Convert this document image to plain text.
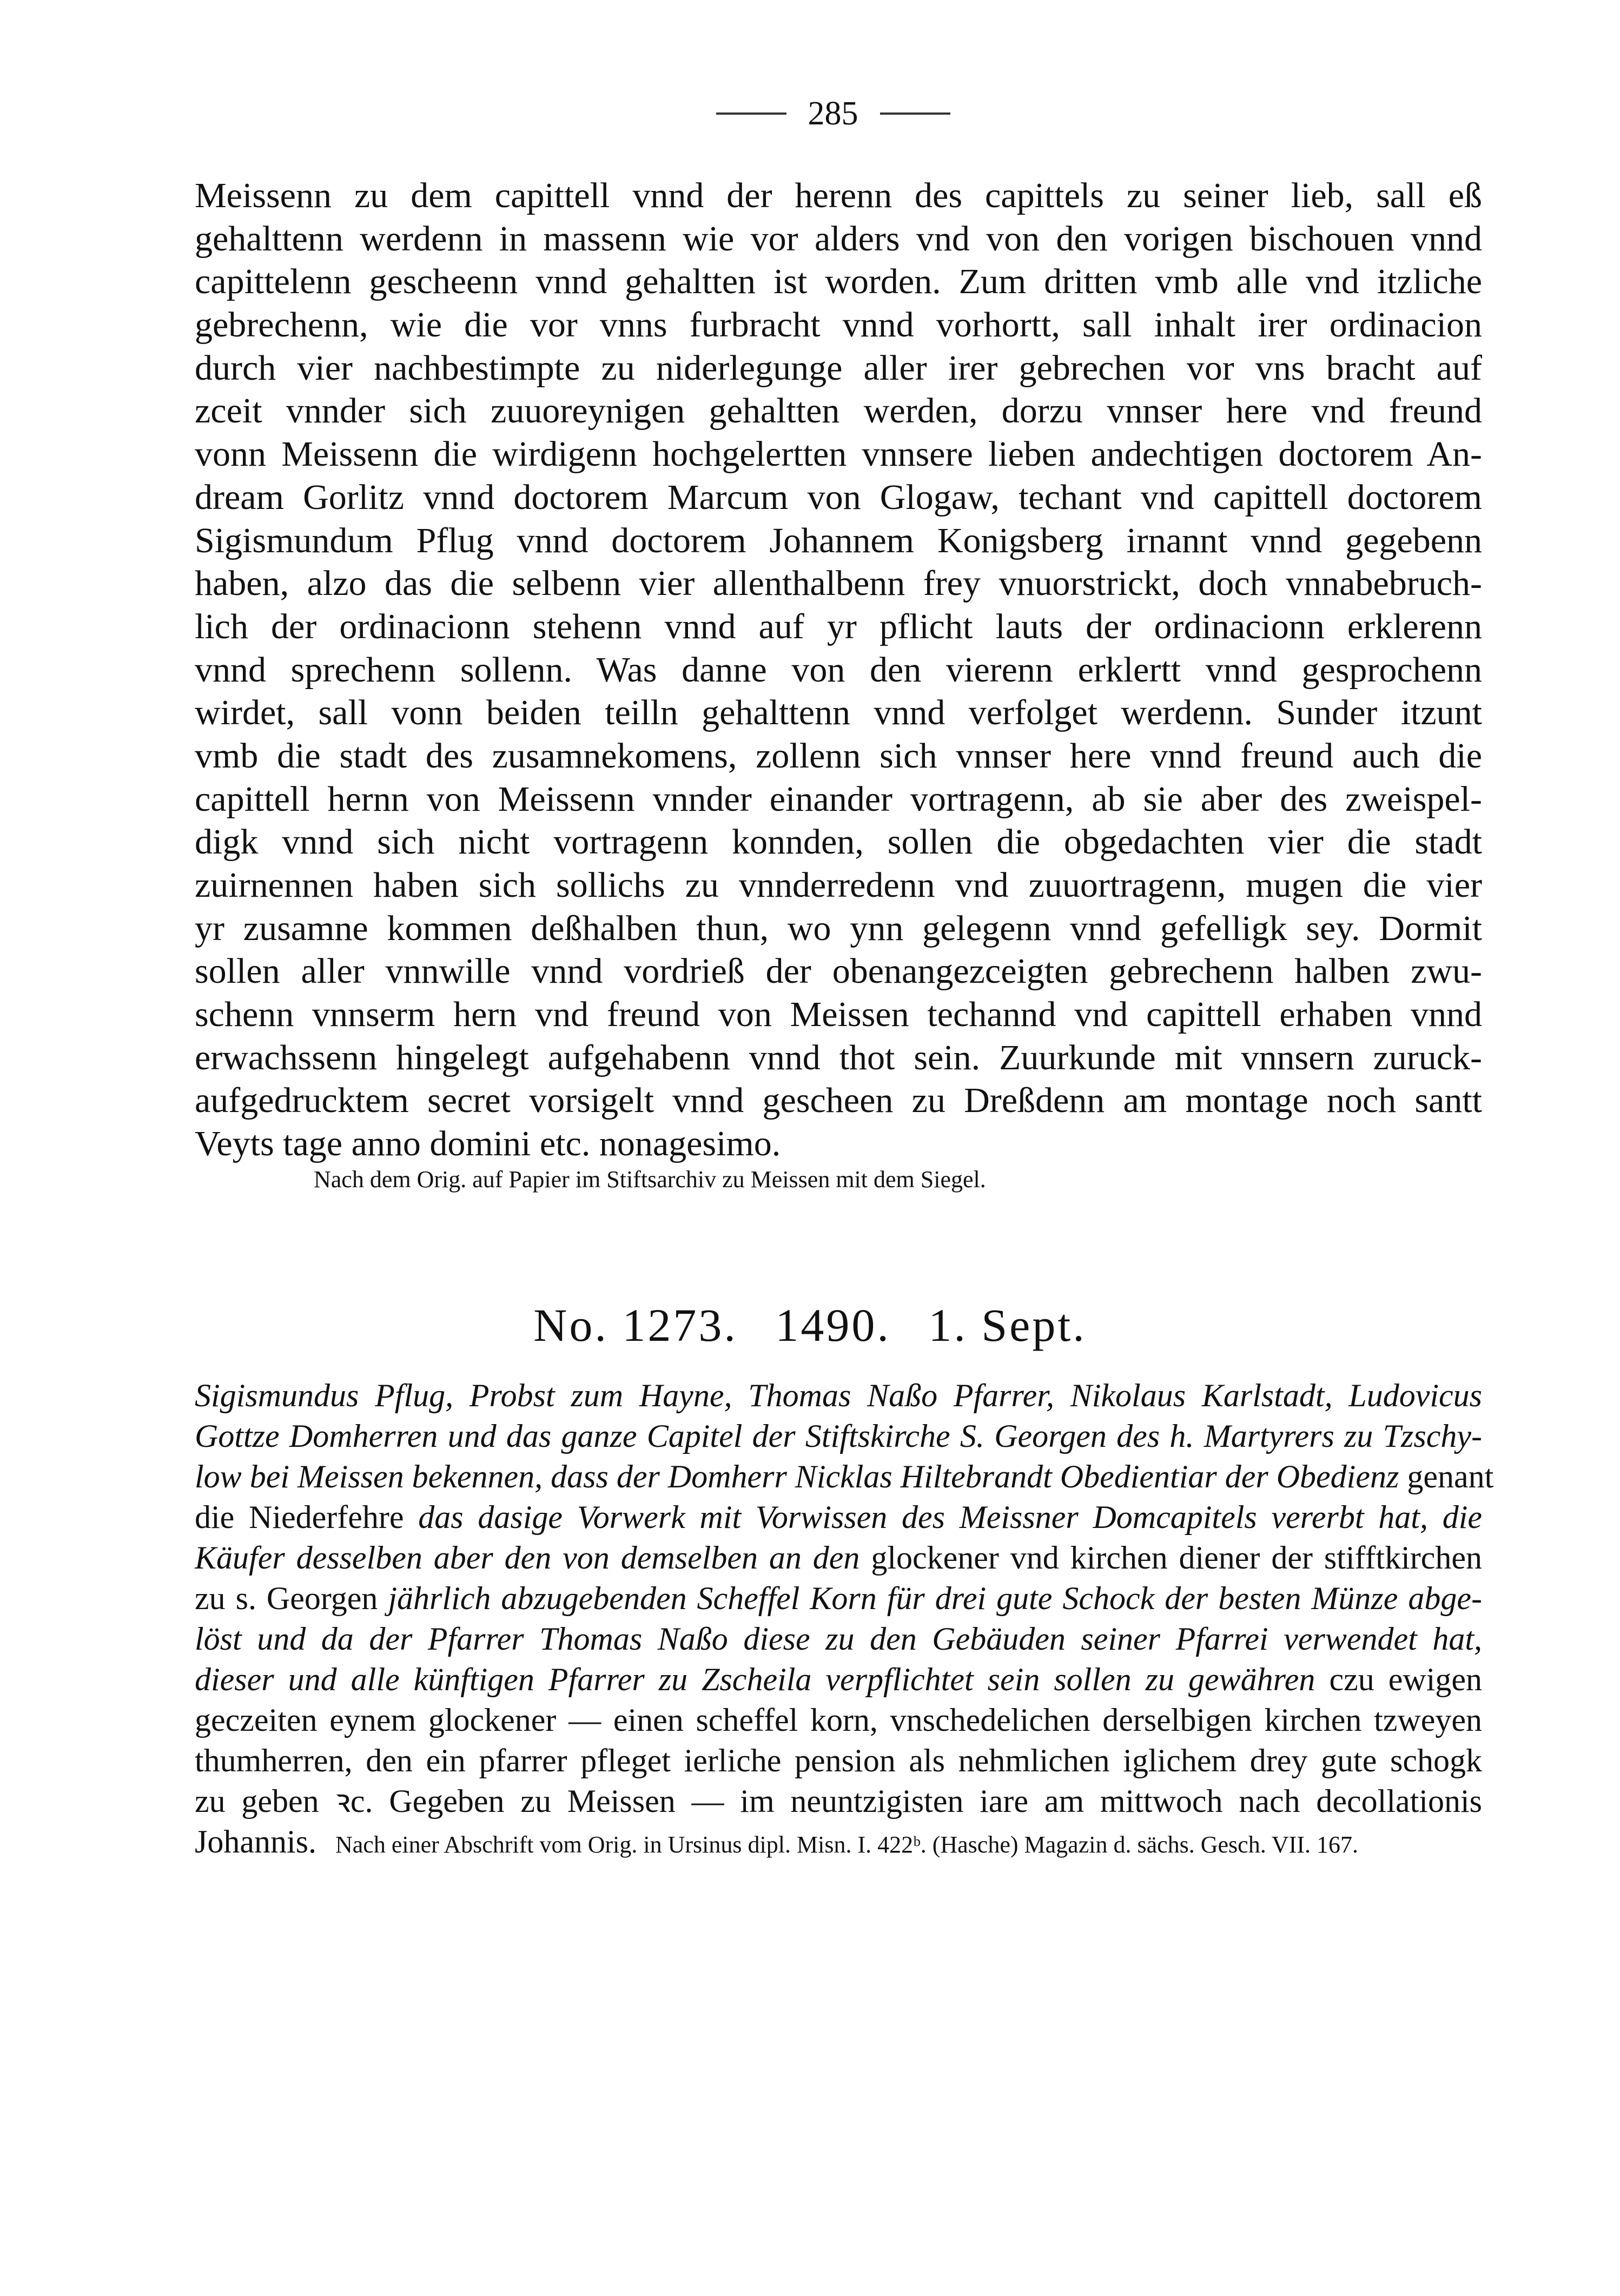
285
Meissenn zu dem capittell vnnd der herenn des capittels zu seiner lieb, sall eß
gehalttenn werdenn in massenn wie vor alders vnd von den vorigen bischouen vnnd
capittelenn gescheenn vnnd gehaltten ist worden. Zum dritten vmb alle vnd itzliche
gebrechenn, wie die vor vnns furbracht vnnd vorhortt, sall inhalt irer ordinacion
durch vier nachbestimpte zu niderlegunge aller irer gebrechen vor vns bracht auf
zceit vnnder sich zuuoreynigen gehaltten werden, dorzu vnnser here vnd freund
vonn Meissenn die wirdigenn hochgelertten vnnsere lieben andechtigen doctorem An-
dream Gorlitz vnnd doctorem Marcum von Glogaw, techant vnd capittell doctorem
Sigismundum Pflug vnnd doctorem Johannem Konigsberg irnannt vnnd gegebenn
haben, alzo das die selbenn vier allenthalbenn frey vnuorstrickt, doch vnnabebruch-
lich der ordinacionn stehenn vnnd auf yr pflicht lauts der ordinacionn erklerenn
vnnd sprechenn sollenn. Was danne von den vierenn erklertt vnnd gesprochenn
wirdet, sall vonn beiden teilln gehalttenn vnnd verfolget werdenn. Sunder itzunt
vmb die stadt des zusamnekomens, zollenn sich vnnser here vnnd freund auch die
capittell hernn von Meissenn vnnder einander vortragenn, ab sie aber des zweispel-
digk vnnd sich nicht vortragenn konnden, sollen die obgedachten vier die stadt
zuirnennen haben sich sollichs zu vnnderredenn vnd zuuortragenn, mugen die vier
yr zusamne kommen deßhalben thun, wo ynn gelegenn vnnd gefelligk sey. Dormit
sollen aller vnnwille vnnd vordrieß der obenangezceigten gebrechenn halben zwu-
schenn vnnserm hern vnd freund von Meissen techannd vnd capittell erhaben vnnd
erwachssenn hingelegt aufgehabenn vnnd thot sein. Zuurkunde mit vnnsern zuruck-
aufgedrucktem secret vorsigelt vnnd gescheen zu Dreßdenn am montage noch santt
Veyts tage anno domini etc. nonagesimo.
Nach dem Orig. auf Papier im Stiftsarchiv zu Meissen mit dem Siegel.
No. 1273. 1490. 1. Sept.
Sigismundus Pflug, Probst zum Hayne, Thomas Naßo Pfarrer, Nikolaus Karlstadt, Ludovicus
Gottze Domherren und das ganze Capitel der Stiftskirche S. Georgen des h. Martyrers zu Tzschy-
low bei Meissen bekennen, dass der Domherr Nicklas Hiltebrandt Obedientiar der Obedienz genant
die Niederfehre das dasige Vorwerk mit Vorwissen des Meissner Domcapitels vererbt hat, die
Käufer desselben aber den von demselben an den glockener vnd kirchen diener der stifftkirchen
zu s. Georgen jährlich abzugebenden Scheffel Korn für drei gute Schock der besten Münze abge-
löst und da der Pfarrer Thomas Naßo diese zu den Gebäuden seiner Pfarrei verwendet hat,
dieser und alle künftigen Pfarrer zu Zscheila verpflichtet sein sollen zu gewähren czu ewigen
geczeiten eynem glockener — einen scheffel korn, vnschedelichen derselbigen kirchen tzweyen
thumherren, den ein pfarrer pfleget ierliche pension als nehmlichen iglichem drey gute schogk
zu geben ꝛc. Gegeben zu Meissen — im neuntzigisten iare am mittwoch nach decollationis
Johannis. Nach einer Abschrift vom Orig. in Ursinus dipl. Misn. I. 422ᵇ. (Hasche) Magazin d. sächs. Gesch. VII. 167.
